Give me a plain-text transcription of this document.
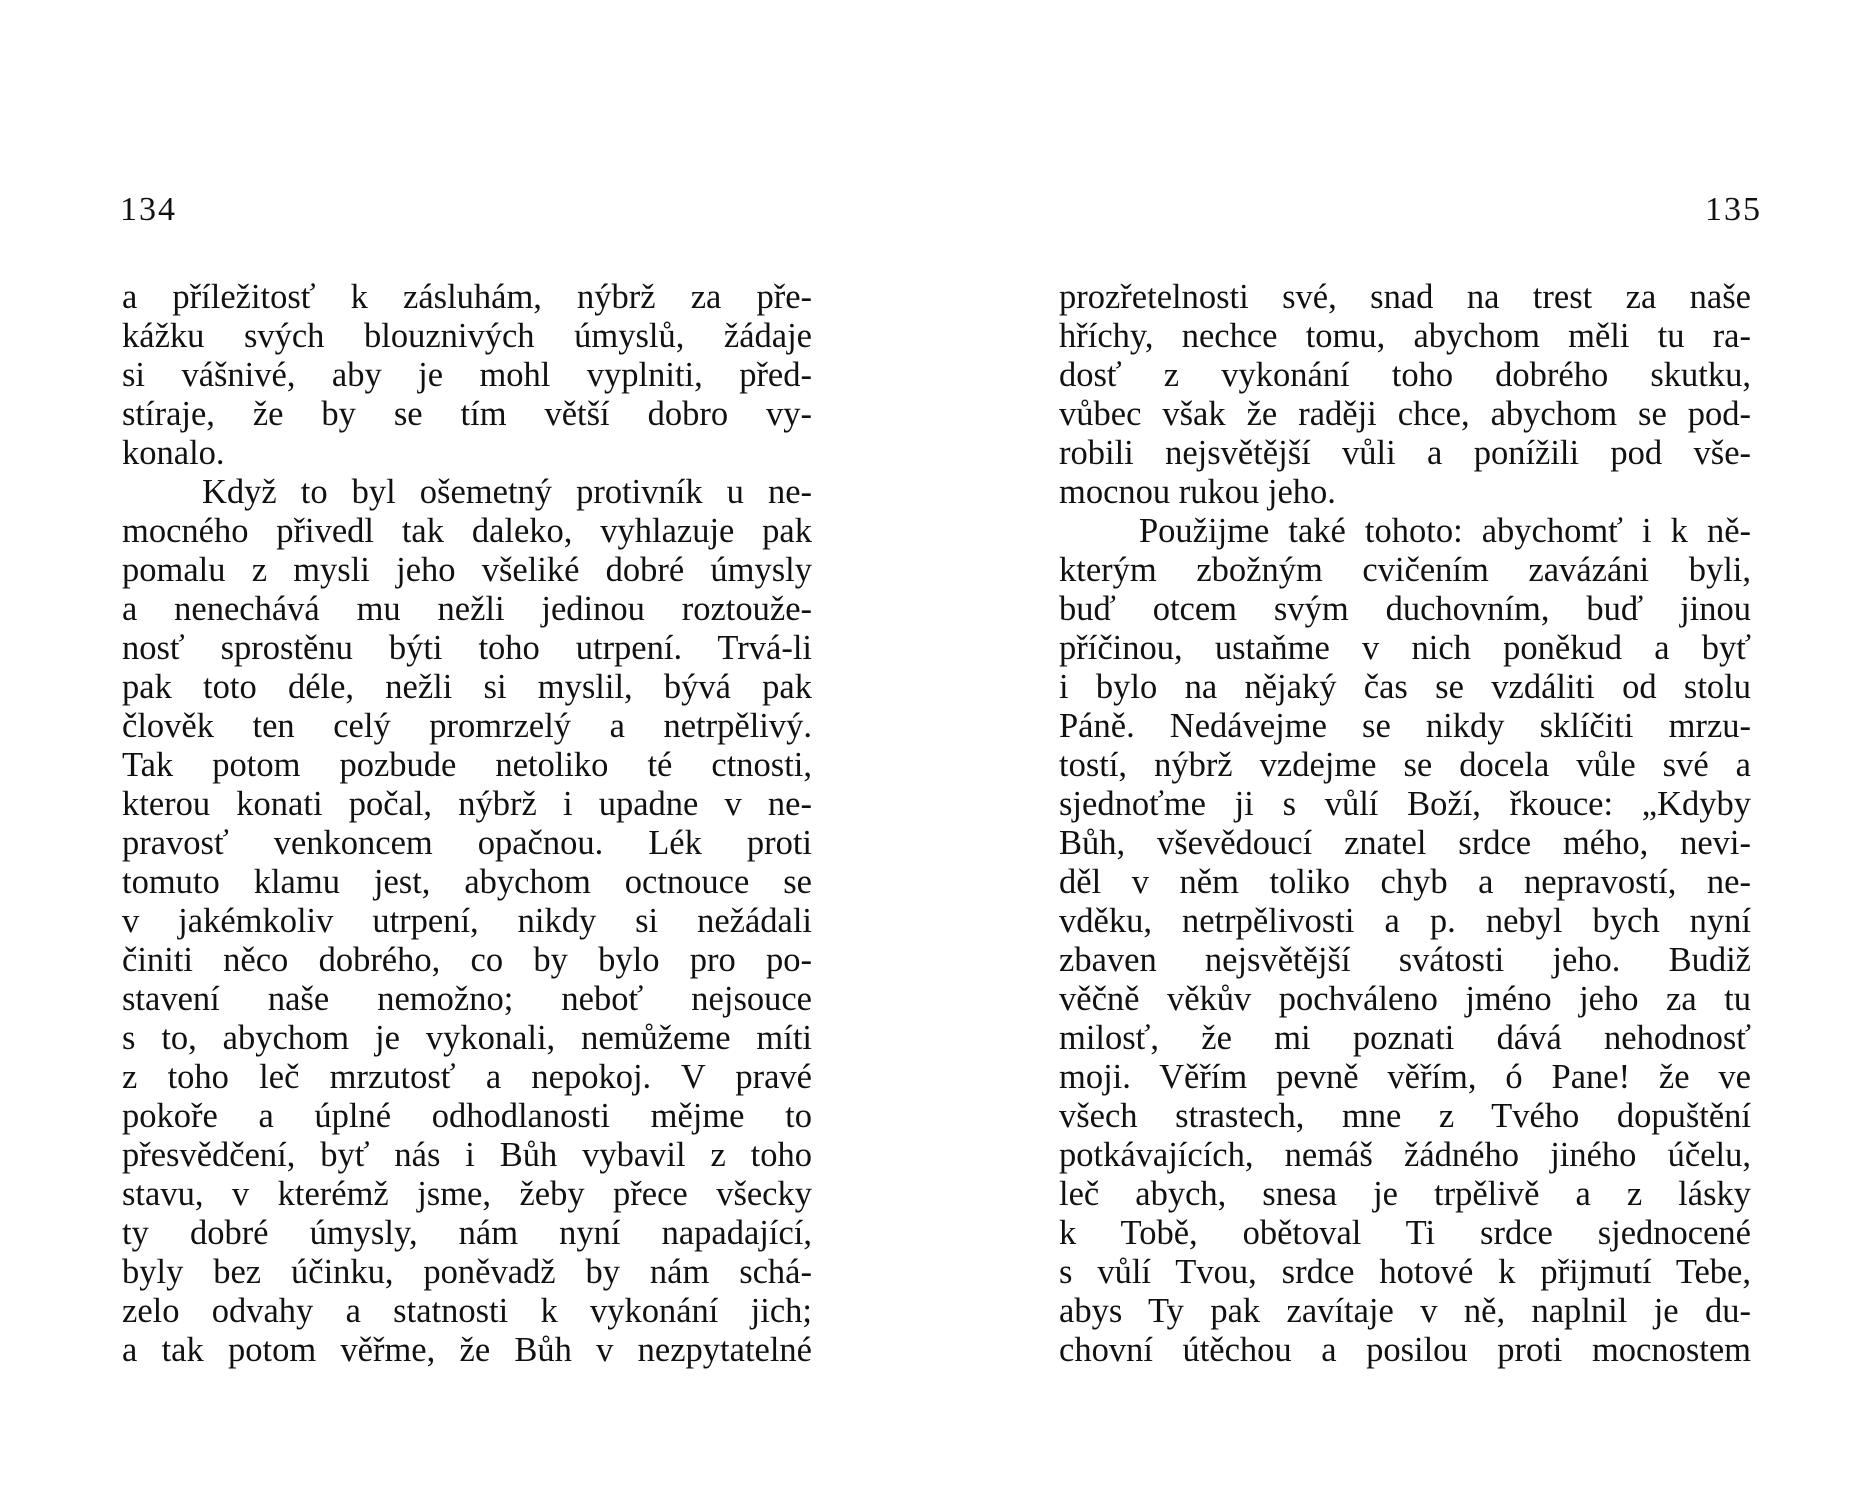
134
a příležitosť k zásluhám, nýbrž za pře-
kážku svých blouznivých úmyslů, žádaje
si vášnivé, aby je mohl vyplniti, před-
stíraje, že by se tím větší dobro vy-
konalo.
Když to byl ošemetný protivník u ne-
mocného přivedl tak daleko, vyhlazuje pak
pomalu z mysli jeho všeliké dobré úmysly
a nenechává mu nežli jedinou roztouže-
nosť sprostěnu býti toho utrpení. Trvá-li
pak toto déle, nežli si myslil, bývá pak
člověk ten celý promrzelý a netrpělivý.
Tak potom pozbude netoliko té ctnosti,
kterou konati počal, nýbrž i upadne v ne-
pravosť venkoncem opačnou. Lék proti
tomuto klamu jest, abychom octnouce se
v jakémkoliv utrpení, nikdy si nežádali
činiti něco dobrého, co by bylo pro po-
stavení naše nemožno; neboť nejsouce
s to, abychom je vykonali, nemůžeme míti
z toho leč mrzutosť a nepokoj. V pravé
pokoře a úplné odhodlanosti mějme to
přesvědčení, byť nás i Bůh vybavil z toho
stavu, v kterémž jsme, žeby přece všecky
ty dobré úmysly, nám nyní napadající,
byly bez účinku, poněvadž by nám schá-
zelo odvahy a statnosti k vykonání jich;
a tak potom věřme, že Bůh v nezpytatelné
135
prozřetelnosti své, snad na trest za naše
hříchy, nechce tomu, abychom měli tu ra-
dosť z vykonání toho dobrého skutku,
vůbec však že raději chce, abychom se pod-
robili nejsvětější vůli a ponížili pod vše-
mocnou rukou jeho.
Použijme také tohoto: abychomť i k ně-
kterým zbožným cvičením zavázáni byli,
buď otcem svým duchovním, buď jinou
příčinou, ustaňme v nich poněkud a byť
i bylo na nějaký čas se vzdáliti od stolu
Páně. Nedávejme se nikdy sklíčiti mrzu-
tostí, nýbrž vzdejme se docela vůle své a
sjednoťme ji s vůlí Boží, řkouce: „Kdyby
Bůh, vševědoucí znatel srdce mého, nevi-
děl v něm toliko chyb a nepravostí, ne-
vděku, netrpělivosti a p. nebyl bych nyní
zbaven nejsvětější svátosti jeho. Budiž
věčně věkův pochváleno jméno jeho za tu
milosť, že mi poznati dává nehodnosť
moji. Věřím pevně věřím, ó Pane! že ve
všech strastech, mne z Tvého dopuštění
potkávajících, nemáš žádného jiného účelu,
leč abych, snesa je trpělivě a z lásky
k Tobě, obětoval Ti srdce sjednocené
s vůlí Tvou, srdce hotové k přijmutí Tebe,
abys Ty pak zavítaje v ně, naplnil je du-
chovní útěchou a posilou proti mocnostem
